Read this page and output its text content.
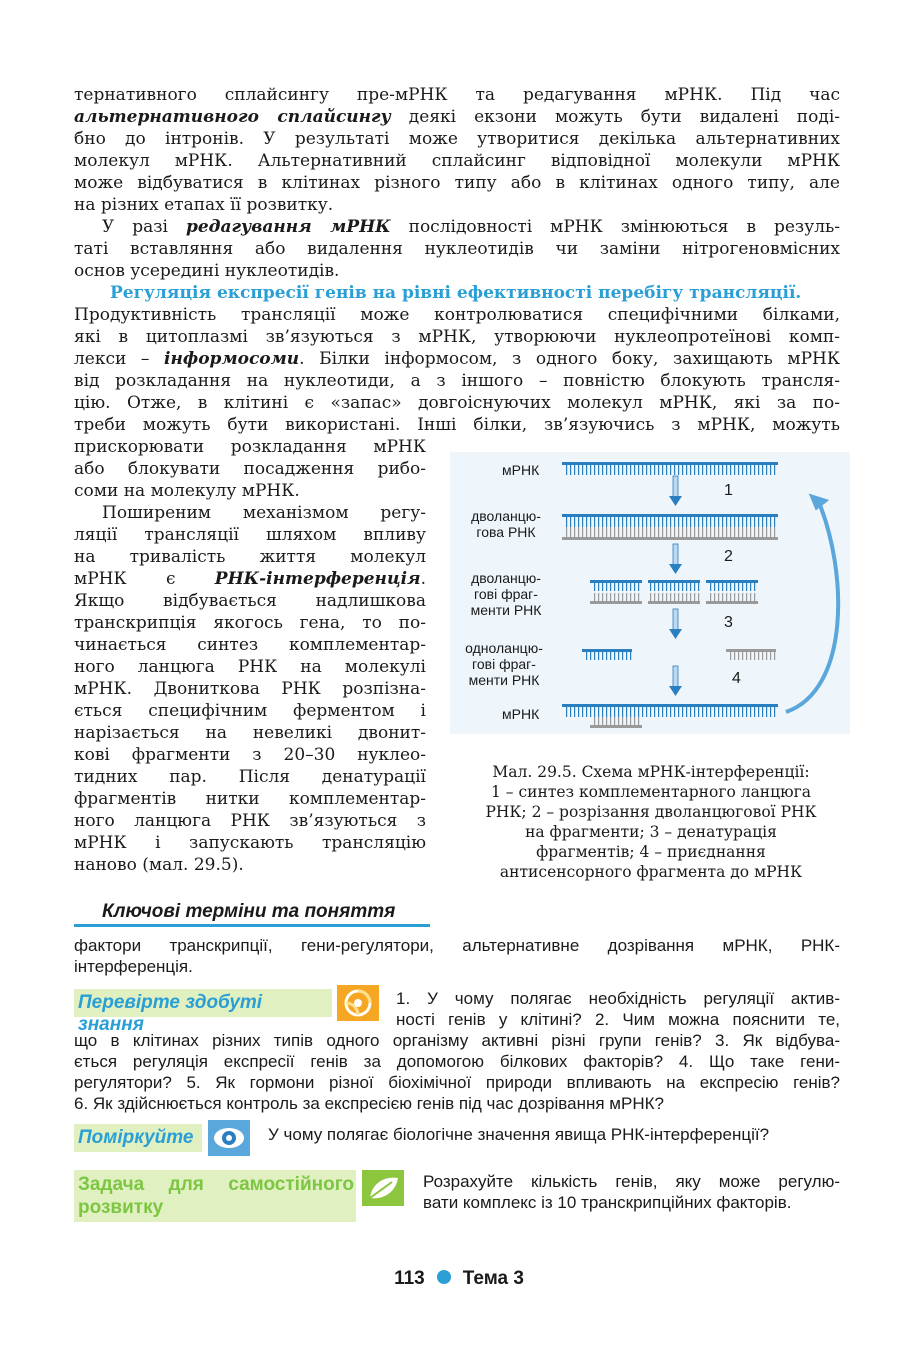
тернативного сплайсингу пре-мРНК та редагування мРНК. Під час
альтернативного сплайсингу деякі екзони можуть бути видалені поді-
бно до інтронів. У результаті може утворитися декілька альтернативних
молекул мРНК. Альтернативний сплайсинг відповідної молекули мРНК
може відбуватися в клітинах різного типу або в клітинах одного типу, але
на різних етапах її розвитку.
У разі редагування мРНК послідовності мРНК змінюються в резуль-
таті вставляння або видалення нуклеотидів чи заміни нітрогеновмісних
основ усередині нуклеотидів.
Регуляція експресії генів на рівні ефективності перебігу трансляції.
Продуктивність трансляції може контролюватися специфічними білками,
які в цитоплазмі зв’язуються з мРНК, утворюючи нуклеопротеїнові комп-
лекси – інформосоми. Білки інформосом, з одного боку, захищають мРНК
від розкладання на нуклеотиди, а з іншого – повністю блокують трансля-
цію. Отже, в клітині є «запас» довгоіснуючих молекул мРНК, які за по-
треби можуть бути використані. Інші білки, зв’язуючись з мРНК, можуть
прискорювати розкладання мРНК
або блокувати посадження рибо-
соми на молекулу мРНК.
Поширеним механізмом регу-
ляції трансляції шляхом впливу
на тривалість життя молекул
мРНК є РНК-інтерференція.
Якщо відбувається надлишкова
транскрипція якогось гена, то по-
чинається синтез комплементар-
ного ланцюга РНК на молекулі
мРНК. Двониткова РНК розпізна-
ється специфічним ферментом і
нарізається на невеликі двонит-
кові фрагменти з 20–30 нуклео-
тидних пар. Після денатурації
фрагментів нитки комплементар-
ного ланцюга РНК зв’язуються з
мРНК і запускають трансляцію
наново (мал. 29.5).
мРНК
дволанцю-
гова РНК
дволанцю-
гові фраг-
менти РНК
одноланцю-
гові фраг-
менти РНК
мРНК
1
2
3
4
Мал. 29.5. Схема мРНК-інтерференції:
1 – синтез комплементарного ланцюга
РНК; 2 – розрізання дволанцюгової РНК
на фрагменти; 3 – денатурація
фрагментів; 4 – приєднання
антисенсорного фрагмента до мРНК
Ключові терміни та поняття
фактори транскрипції, гени-регулятори, альтернативне дозрівання мРНК, РНК-
інтерференція.
Перевірте здобуті знання
1. У чому полягає необхідність регуляції актив-
ності генів у клітині? 2. Чим можна пояснити те,
що в клітинах різних типів одного організму активні різні групи генів? 3. Як відбува-
ється регуляція експресії генів за допомогою білкових факторів? 4. Що таке гени-
регулятори? 5. Як гормони різної біохімічної природи впливають на експресію генів?
6. Як здійснюється контроль за експресією генів під час дозрівання мРНК?
Поміркуйте	У чому полягає біологічне значення явища РНК-інтерференції?
Задача для самостійного
розвитку
Розрахуйте кількість генів, яку може регулю-
вати комплекс із 10 транскрипційних факторів.
113 Тема 3
